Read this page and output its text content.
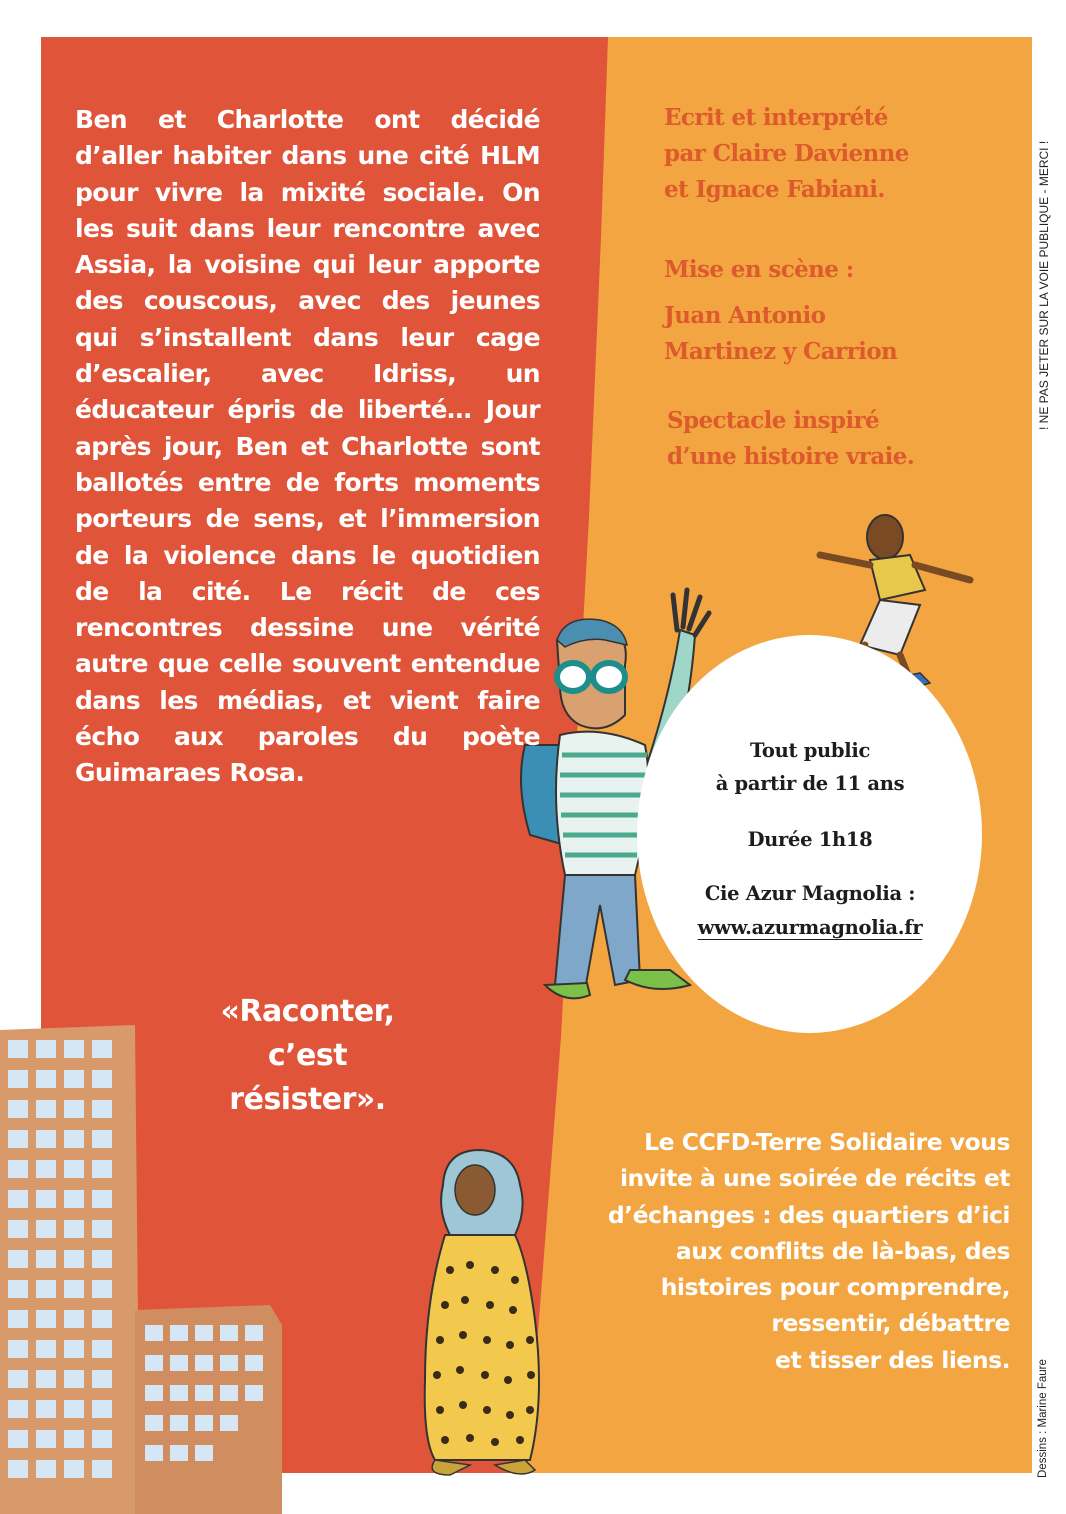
Ben et Charlotte ont décidé d’aller habiter dans une cité HLM pour vivre la mixité sociale. On les suit dans leur rencontre avec Assia, la voisine qui leur apporte des couscous, avec des jeunes qui s’installent dans leur cage d’escalier, avec Idriss, un éducateur épris de liberté… Jour après jour, Ben et Charlotte sont ballotés entre de forts moments porteurs de sens, et l’immersion de la violence dans le quotidien de la cité. Le récit de ces rencontres dessine une vérité autre que celle souvent entendue dans les médias, et vient faire écho aux paroles du poète Guimaraes Rosa.
«Raconter,
c’est
résister».
Ecrit et interprété
par Claire Davienne
et Ignace Fabiani.
Mise en scène :
Juan Antonio
Martinez y Carrion
Spectacle inspiré
d’une histoire vraie.
Tout public
à partir de 11 ans
Durée 1h18
Cie Azur Magnolia :
www.azurmagnolia.fr
Le CCFD-Terre Solidaire vous
invite à une soirée de récits et
d’échanges : des quartiers d’ici
aux conflits de là-bas, des
histoires pour comprendre,
ressentir, débattre
et tisser des liens.
! NE PAS JETER SUR LA VOIE PUBLIQUE - MERCI !
Dessins : Marine Faure
